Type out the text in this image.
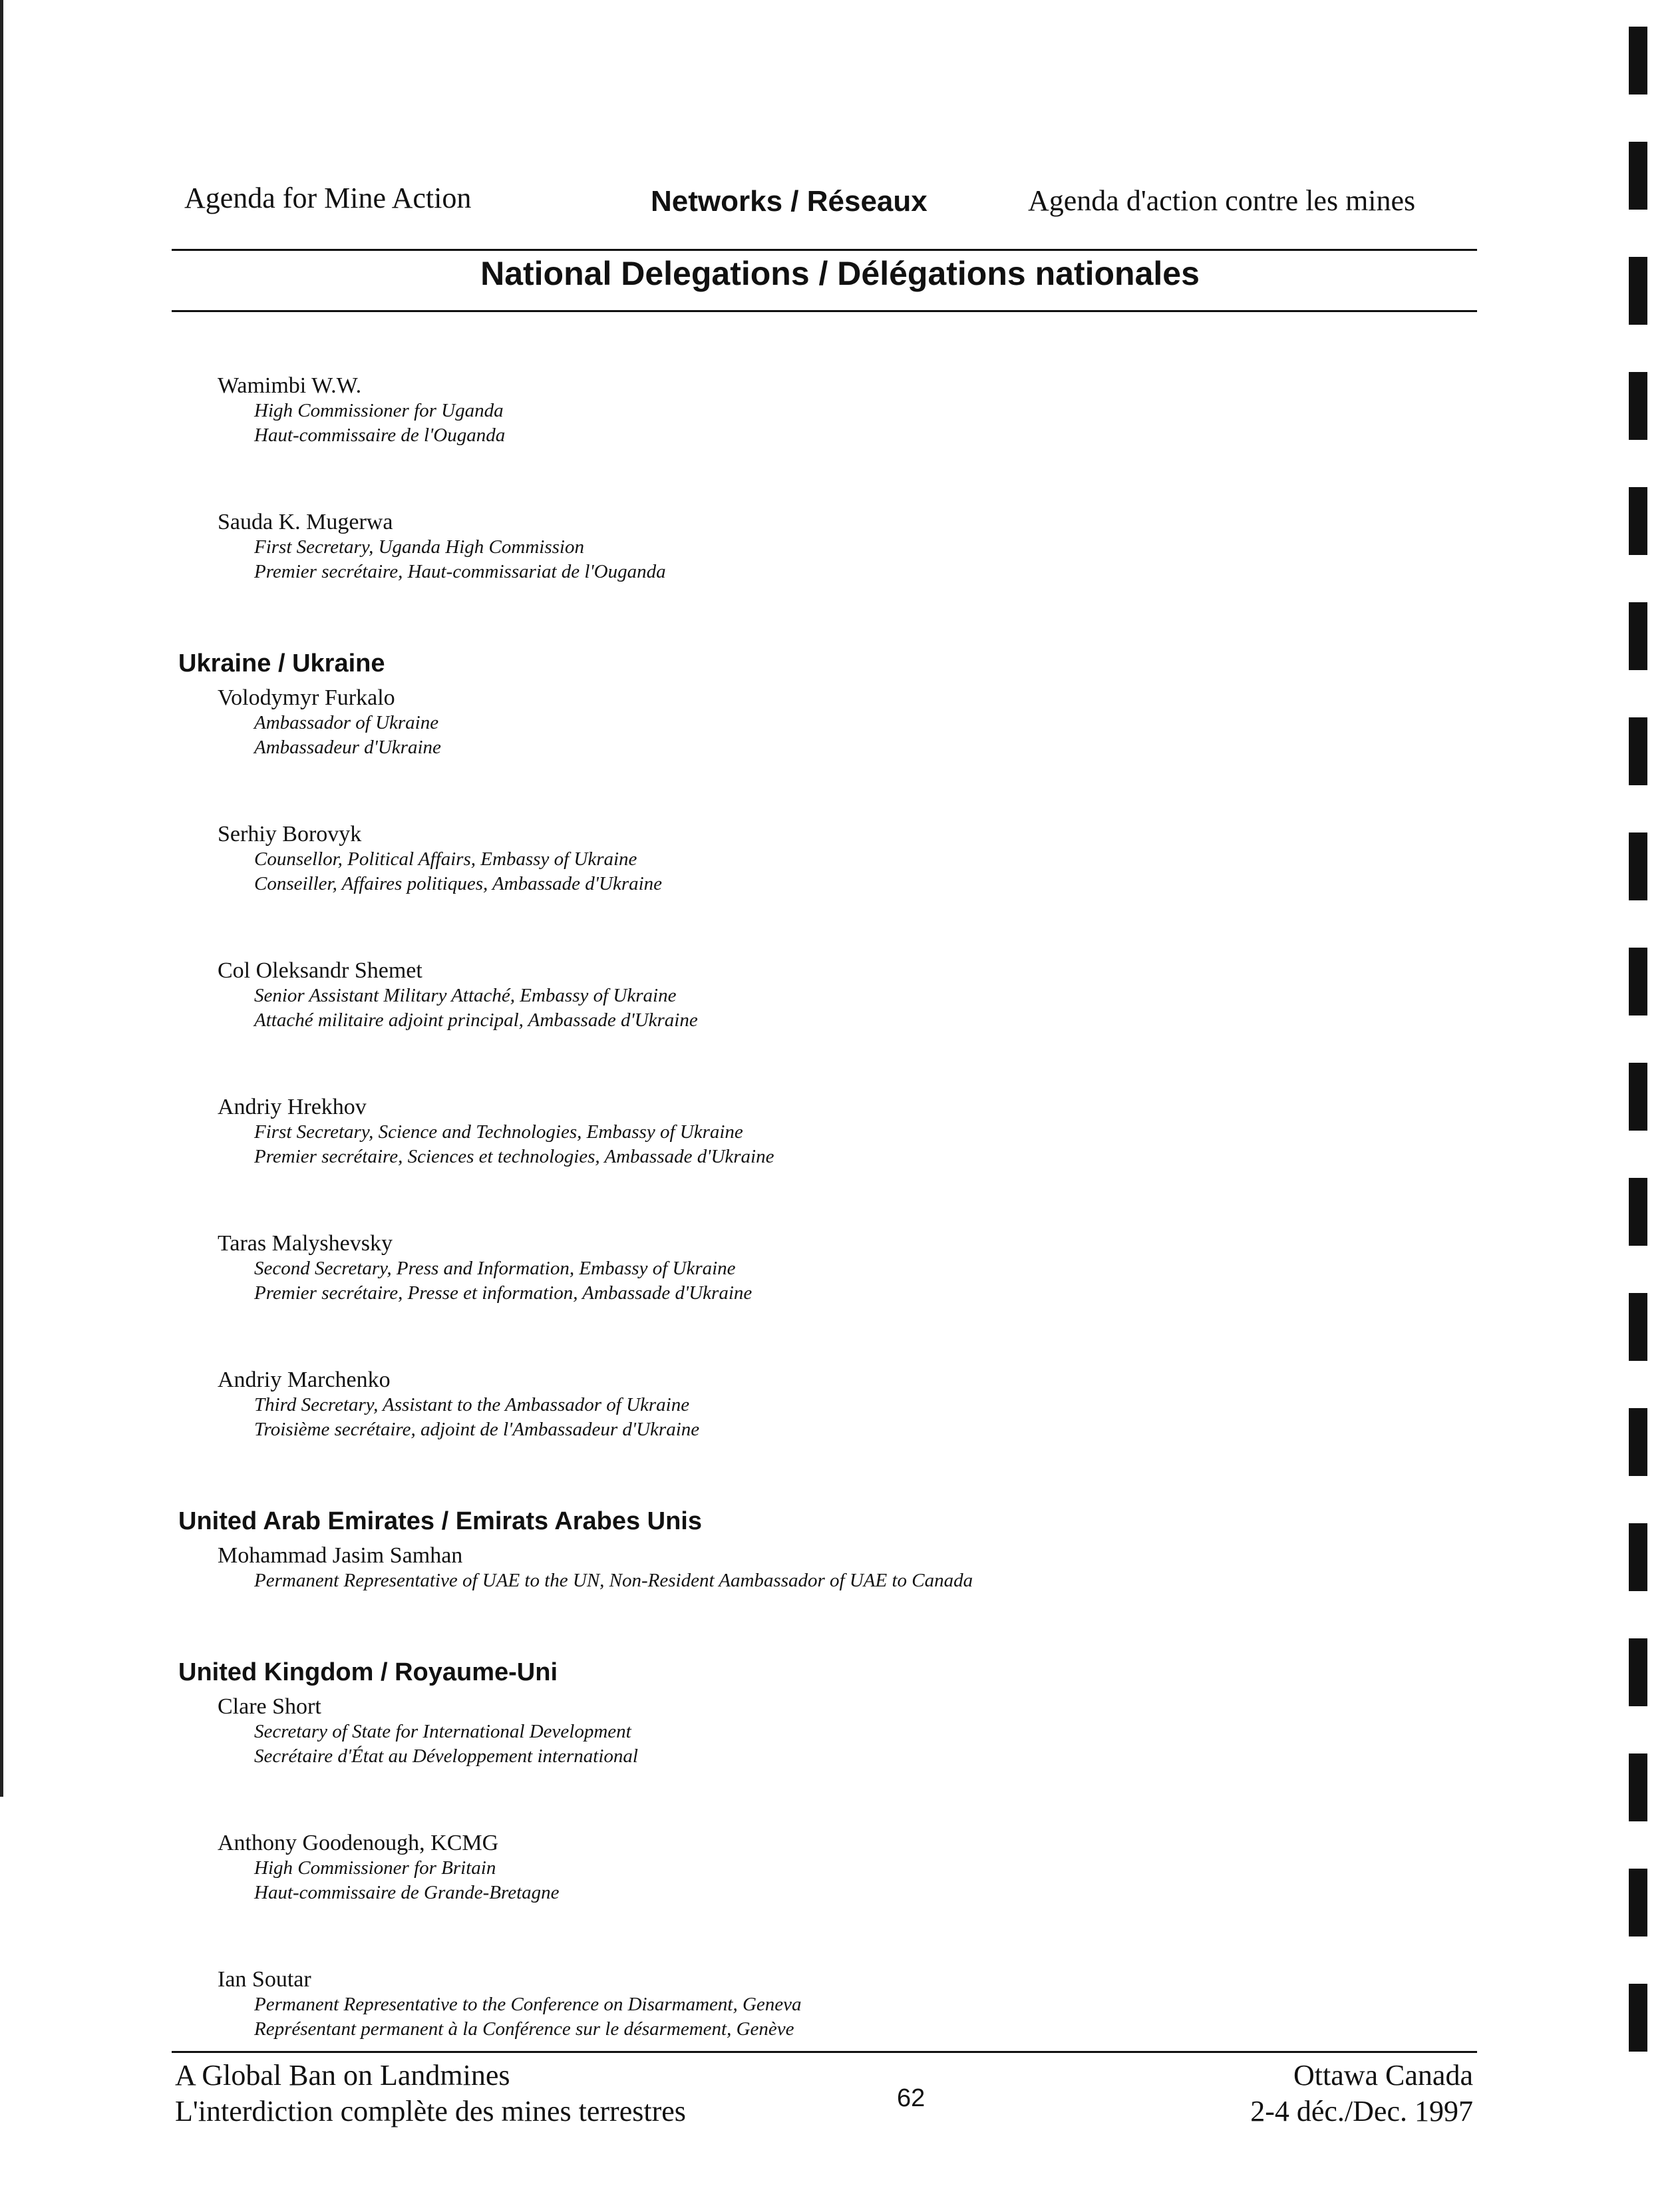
Agenda for Mine Action	Networks / Réseaux	Agenda d'action contre les mines
National Delegations / Délégations nationales
Wamimbi W.W.
High Commissioner for Uganda
Haut-commissaire de l'Ouganda
Sauda K. Mugerwa
First Secretary, Uganda High Commission
Premier secrétaire, Haut-commissariat de l'Ouganda
Ukraine / Ukraine
Volodymyr Furkalo
Ambassador of Ukraine
Ambassadeur d'Ukraine
Serhiy Borovyk
Counsellor, Political Affairs, Embassy of Ukraine
Conseiller, Affaires politiques, Ambassade d'Ukraine
Col Oleksandr Shemet
Senior Assistant Military Attaché, Embassy of Ukraine
Attaché militaire adjoint principal, Ambassade d'Ukraine
Andriy Hrekhov
First Secretary, Science and Technologies, Embassy of Ukraine
Premier secrétaire, Sciences et technologies, Ambassade d'Ukraine
Taras Malyshevsky
Second Secretary, Press and Information, Embassy of Ukraine
Premier secrétaire, Presse et information, Ambassade d'Ukraine
Andriy Marchenko
Third Secretary, Assistant to the Ambassador of Ukraine
Troisième secrétaire, adjoint de l'Ambassadeur d'Ukraine
United Arab Emirates / Emirats Arabes Unis
Mohammad Jasim Samhan
Permanent Representative of UAE to the UN, Non-Resident Aambassador of UAE to Canada
United Kingdom / Royaume-Uni
Clare Short
Secretary of State for International Development
Secrétaire d'État au Développement international
Anthony Goodenough, KCMG
High Commissioner for Britain
Haut-commissaire de Grande-Bretagne
Ian Soutar
Permanent Representative to the Conference on Disarmament, Geneva
Représentant permanent à la Conférence sur le désarmement, Genève
A Global Ban on Landmines
L'interdiction complète des mines terrestres	62
Ottawa Canada
2-4 déc./Dec. 1997
